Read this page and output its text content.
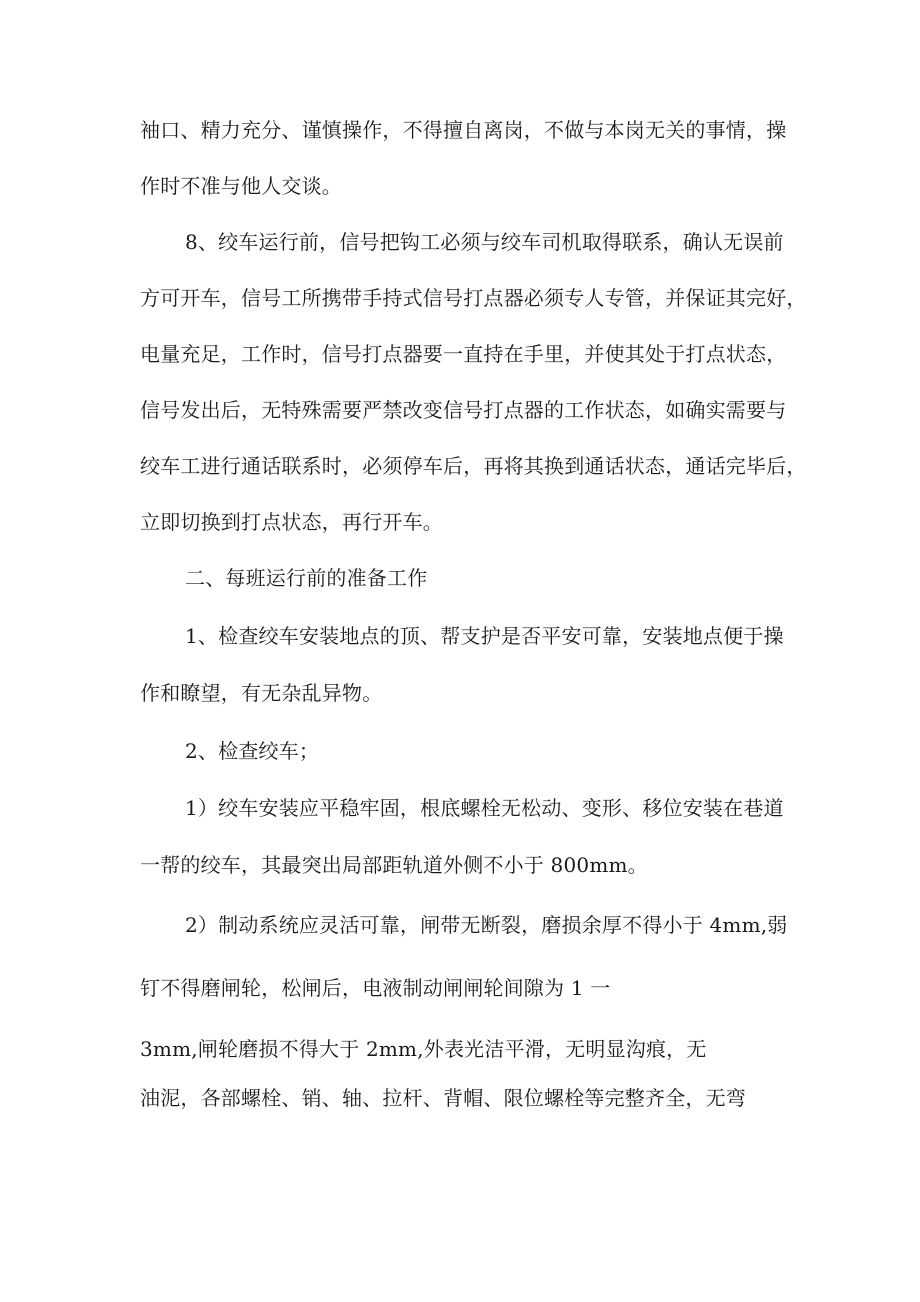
袖口、精力充分、谨慎操作，不得擅自离岗，不做与本岗无关的事情，操

作时不准与他人交谈。

8、绞车运行前，信号把钩工必须与绞车司机取得联系，确认无误前

方可开车，信号工所携带手持式信号打点器必须专人专管，并保证其完好，

电量充足，工作时，信号打点器要一直持在手里，并使其处于打点状态，

信号发出后，无特殊需要严禁改变信号打点器的工作状态，如确实需要与

绞车工进行通话联系时，必须停车后，再将其换到通话状态，通话完毕后，

立即切换到打点状态，再行开车。

二、每班运行前的准备工作

1、检查绞车安装地点的顶、帮支护是否平安可靠，安装地点便于操

作和瞭望，有无杂乱异物。

2、检查绞车；

1）绞车安装应平稳牢固，根底螺栓无松动、变形、移位安装在巷道

一帮的绞车，其最突出局部距轨道外侧不小于 800mm。

2）制动系统应灵活可靠，闸带无断裂，磨损余厚不得小于 4mm,弱

钉不得磨闸轮，松闸后，电液制动闸闸轮间隙为 1 一

3mm,闸轮磨损不得大于 2mm,外表光洁平滑，无明显沟痕，无

油泥，各部螺栓、销、轴、拉杆、背帽、限位螺栓等完整齐全，无弯
